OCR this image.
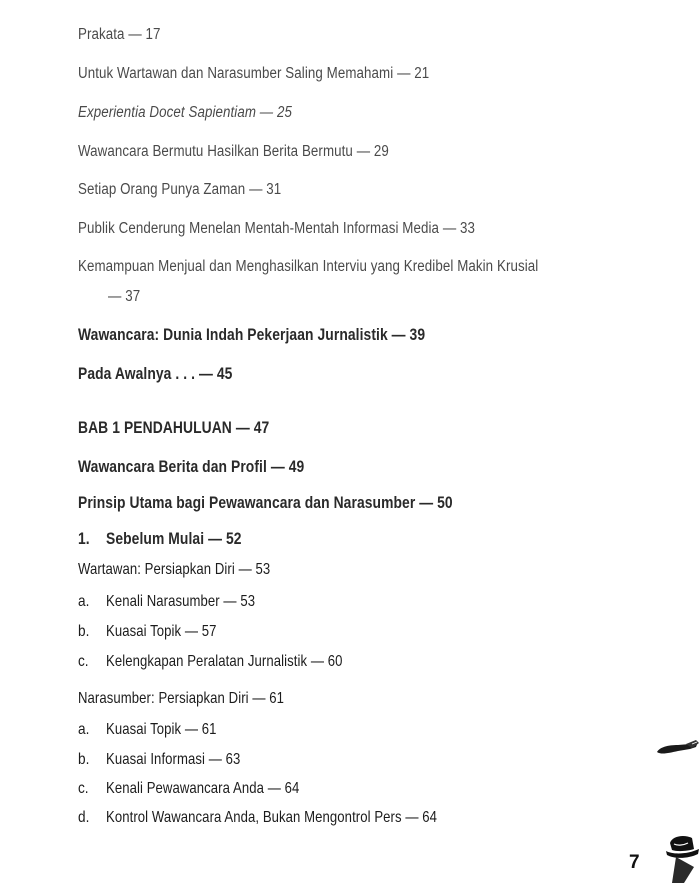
Prakata — 17
Untuk Wartawan dan Narasumber Saling Memahami — 21
Experientia Docet Sapientiam — 25
Wawancara Bermutu Hasilkan Berita Bermutu — 29
Setiap Orang Punya Zaman — 31
Publik Cenderung Menelan Mentah-Mentah Informasi Media — 33
Kemampuan Menjual dan Menghasilkan Interviu yang Kredibel Makin Krusial
— 37
Wawancara: Dunia Indah Pekerjaan Jurnalistik — 39
Pada Awalnya . . . — 45
BAB 1 PENDAHULUAN — 47
Wawancara Berita dan Profil — 49
Prinsip Utama bagi Pewawancara dan Narasumber — 50
1. Sebelum Mulai — 52
Wartawan: Persiapkan Diri — 53
a. Kenali Narasumber — 53
b. Kuasai Topik — 57
c. Kelengkapan Peralatan Jurnalistik — 60
Narasumber: Persiapkan Diri — 61
a. Kuasai Topik — 61
b. Kuasai Informasi — 63
c. Kenali Pewawancara Anda — 64
d. Kontrol Wawancara Anda, Bukan Mengontrol Pers — 64
7
